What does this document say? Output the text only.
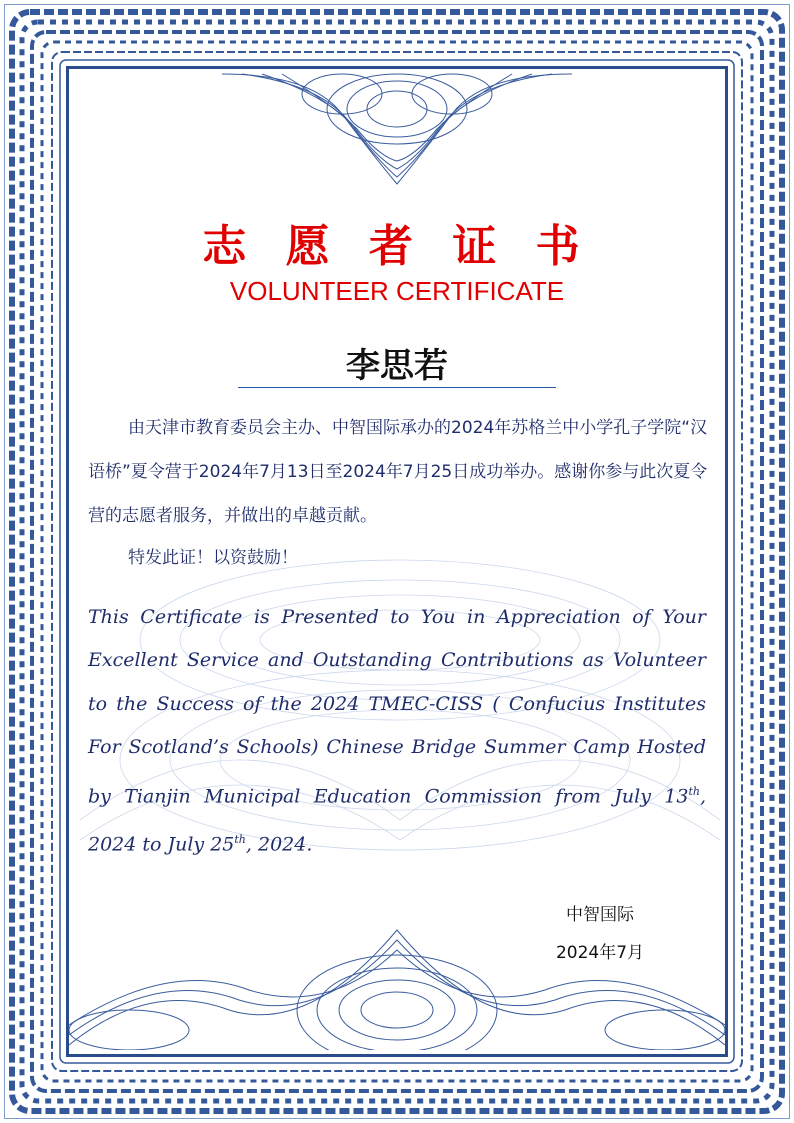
志 愿 者 证 书
VOLUNTEER CERTIFICATE
李思若
由天津市教育委员会主办、中智国际承办的2024年苏格兰中小学孔子学院“汉语桥”夏令营于2024年7月13日至2024年7月25日成功举办。感谢你参与此次夏令营的志愿者服务，并做出的卓越贡献。
特发此证！以资鼓励！
This Certificate is Presented to You in Appreciation of Your Excellent Service and Outstanding Contributions as Volunteer to the Success of the 2024 TMEC-CISS ( Confucius Institutes For Scotland’s Schools) Chinese Bridge Summer Camp Hosted by Tianjin Municipal Education Commission from July 13th, 2024 to July 25th, 2024.
中智国际
2024年7月
